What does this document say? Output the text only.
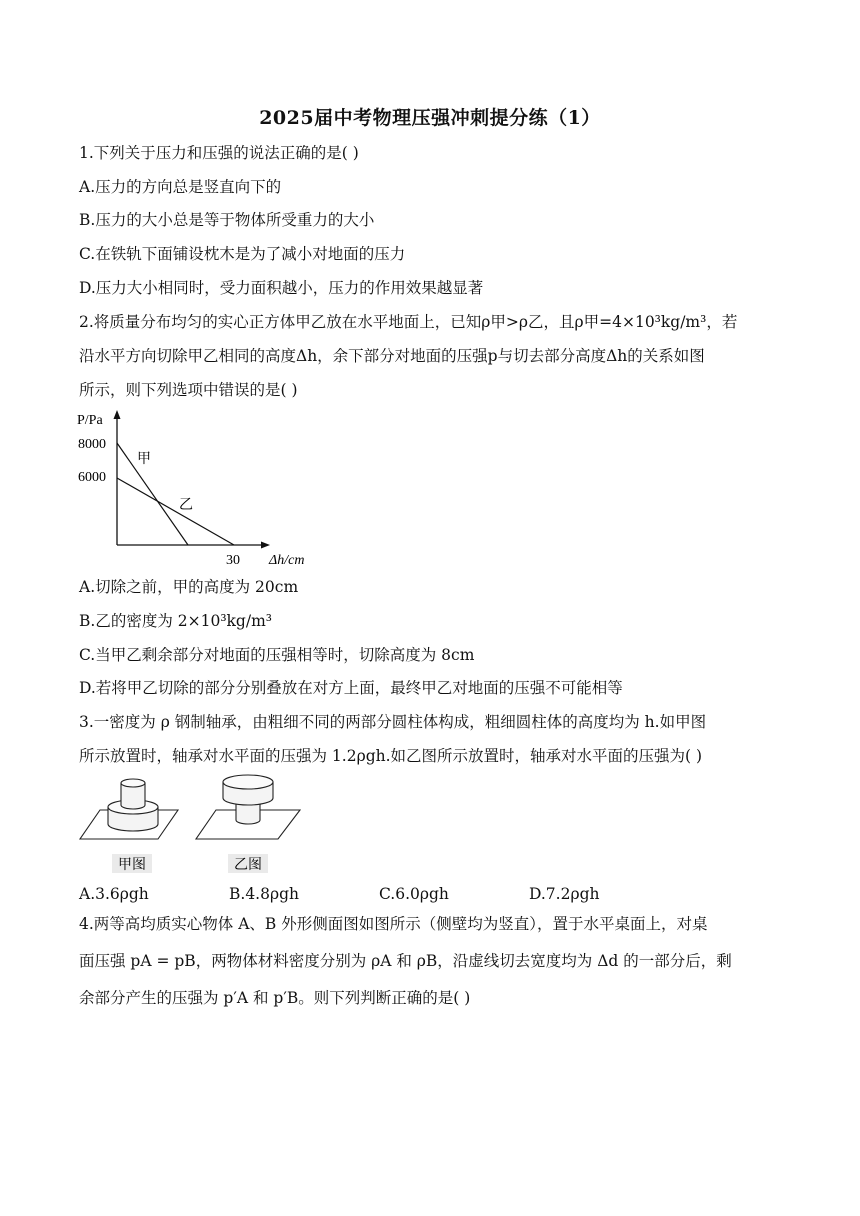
2025届中考物理压强冲刺提分练（1）
1.下列关于压力和压强的说法正确的是( )
A.压力的方向总是竖直向下的
B.压力的大小总是等于物体所受重力的大小
C.在铁轨下面铺设枕木是为了减小对地面的压力
D.压力大小相同时，受力面积越小，压力的作用效果越显著
2.将质量分布均匀的实心正方体甲乙放在水平地面上，已知ρ甲>ρ乙，且ρ甲=4×10³kg/m³，若
沿水平方向切除甲乙相同的高度Δh，余下部分对地面的压强p与切去部分高度Δh的关系如图
所示，则下列选项中错误的是( )
P/Pa
8000
6000
30 Δh/cm
甲
乙
A.切除之前，甲的高度为 20cm
B.乙的密度为 2×10³kg/m³
C.当甲乙剩余部分对地面的压强相等时，切除高度为 8cm
D.若将甲乙切除的部分分别叠放在对方上面，最终甲乙对地面的压强不可能相等
3.一密度为 ρ 钢制轴承，由粗细不同的两部分圆柱体构成，粗细圆柱体的高度均为 h.如甲图
所示放置时，轴承对水平面的压强为 1.2ρgh.如乙图所示放置时，轴承对水平面的压强为( )
甲图	乙图
A.3.6ρgh	B.4.8ρgh	C.6.0ρgh	D.7.2ρgh
4.两等高均质实心物体 A、B 外形侧面图如图所示（侧壁均为竖直），置于水平桌面上，对桌
面压强 pA = pB，两物体材料密度分别为 ρA 和 ρB，沿虚线切去宽度均为 Δd 的一部分后，剩
余部分产生的压强为 p′A 和 p′B。则下列判断正确的是( )
